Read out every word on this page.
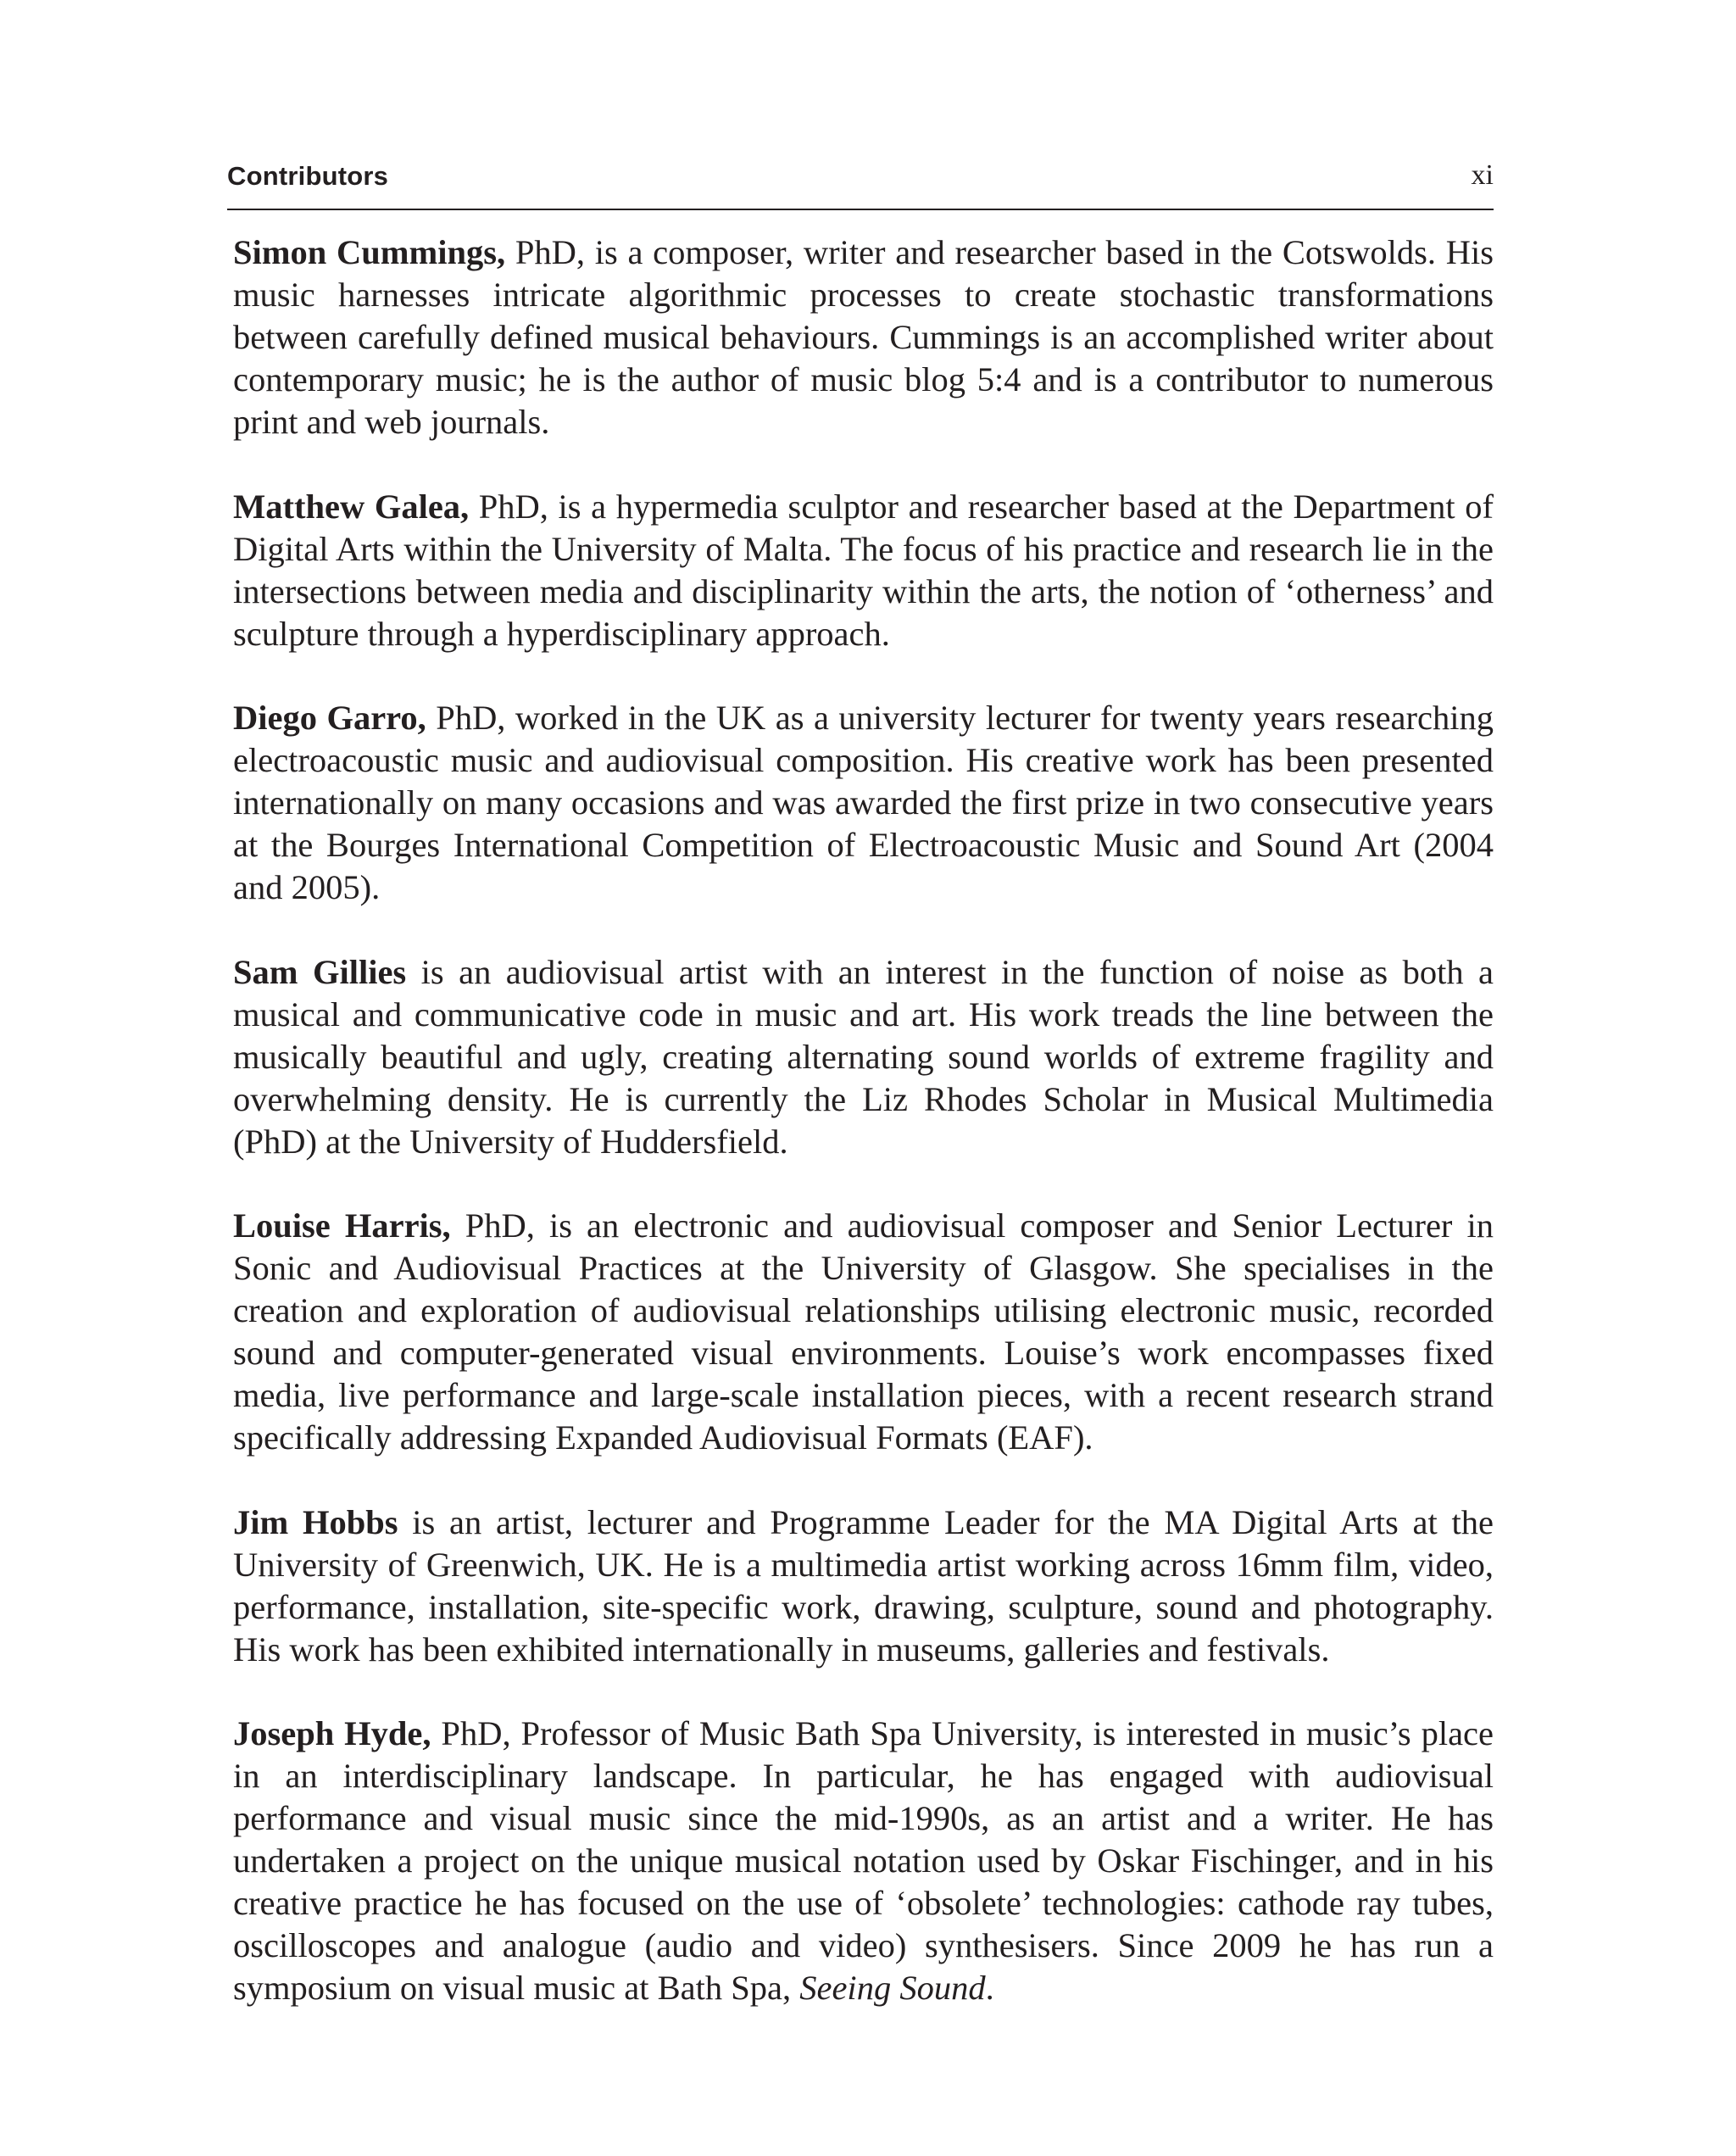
Contributors	xi

Simon Cummings, PhD, is a composer, writer and researcher based in the Cotswolds. His music harnesses intricate algorithmic processes to create stochastic transformations between carefully defined musical behaviours. Cummings is an accomplished writer about contemporary music; he is the author of music blog 5:4 and is a contributor to numerous print and web journals.

Matthew Galea, PhD, is a hypermedia sculptor and researcher based at the Department of Digital Arts within the University of Malta. The focus of his practice and research lie in the intersections between media and disciplinarity within the arts, the notion of ‘otherness’ and sculpture through a hyperdisciplinary approach.

Diego Garro, PhD, worked in the UK as a university lecturer for twenty years researching electroacoustic music and audiovisual composition. His creative work has been presented internationally on many occasions and was awarded the first prize in two consecutive years at the Bourges International Competition of Electroacoustic Music and Sound Art (2004 and 2005).

Sam Gillies is an audiovisual artist with an interest in the function of noise as both a musical and communicative code in music and art. His work treads the line between the musically beautiful and ugly, creating alternating sound worlds of extreme fragility and overwhelming density. He is currently the Liz Rhodes Scholar in Musical Multimedia (PhD) at the University of Huddersfield.

Louise Harris, PhD, is an electronic and audiovisual composer and Senior Lecturer in Sonic and Audiovisual Practices at the University of Glasgow. She specialises in the creation and exploration of audiovisual relationships utilising electronic music, recorded sound and computer-generated visual environments. Louise’s work encompasses fixed media, live performance and large-scale installation pieces, with a recent research strand specifically addressing Expanded Audiovisual Formats (EAF).

Jim Hobbs is an artist, lecturer and Programme Leader for the MA Digital Arts at the University of Greenwich, UK. He is a multimedia artist working across 16mm film, video, performance, installation, site-specific work, drawing, sculpture, sound and photography. His work has been exhibited internationally in museums, galleries and festivals.

Joseph Hyde, PhD, Professor of Music Bath Spa University, is interested in music’s place in an interdisciplinary landscape. In particular, he has engaged with audiovisual performance and visual music since the mid-1990s, as an artist and a writer. He has undertaken a project on the unique musical notation used by Oskar Fischinger, and in his creative practice he has focused on the use of ‘obsolete’ technologies: cathode ray tubes, oscilloscopes and analogue (audio and video) synthesisers. Since 2009 he has run a symposium on visual music at Bath Spa, Seeing Sound.
